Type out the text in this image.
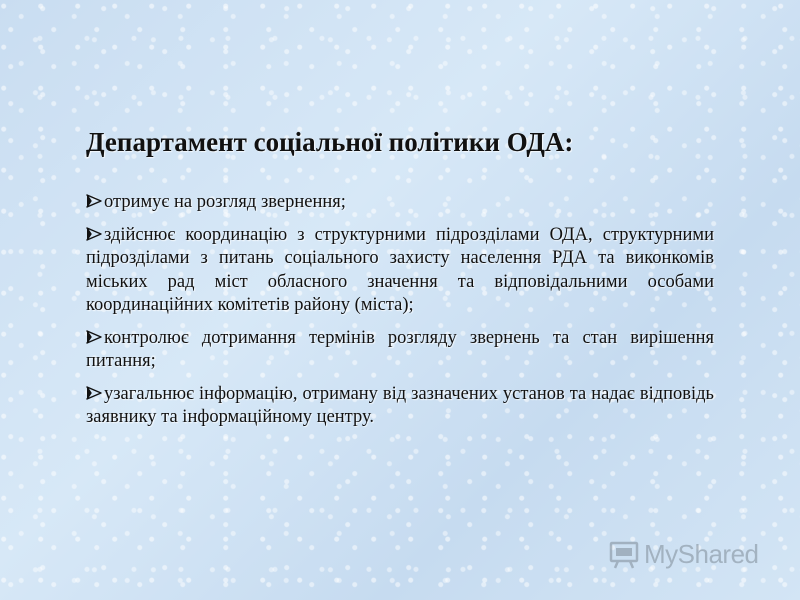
Департамент соціальної політики ОДА:
отримує на розгляд звернення;
здійснює координацію з структурними підрозділами ОДА, структурними підрозділами з питань соціального захисту населення РДА та виконкомів міських рад міст обласного значення та відповідальними особами координаційних комітетів району (міста);
контролює дотримання термінів розгляду звернень та стан вирішення питання;
узагальнює інформацію, отриману від зазначених установ та надає відповідь заявнику та інформаційному центру.
MyShared
